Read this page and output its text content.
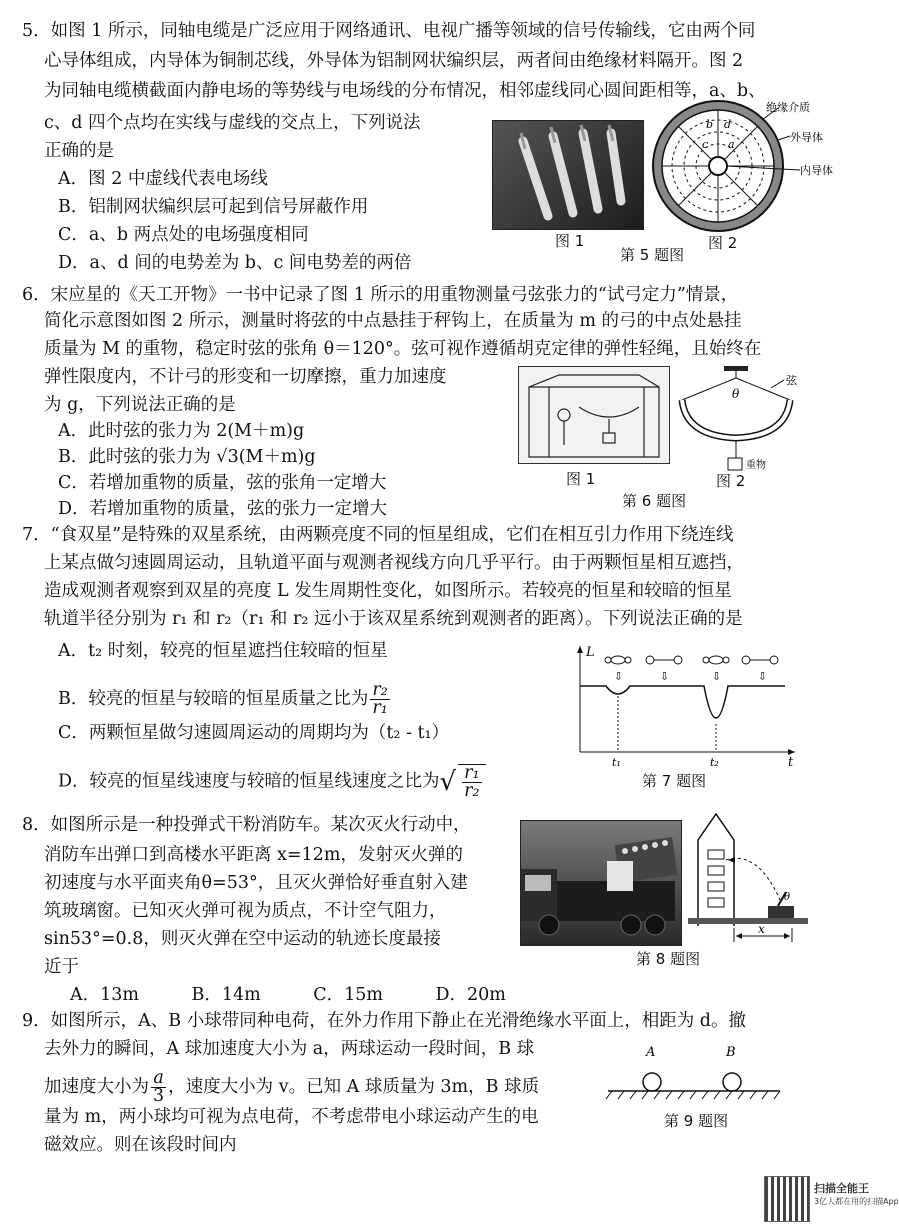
5．如图 1 所示，同轴电缆是广泛应用于网络通讯、电视广播等领域的信号传输线，它由两个同
心导体组成，内导体为铜制芯线，外导体为铝制网状编织层，两者间由绝缘材料隔开。图 2
为同轴电缆横截面内静电场的等势线与电场线的分布情况，相邻虚线同心圆间距相等，a、b、
c、d 四个点均在实线与虚线的交点上，下列说法
正确的是
A．图 2 中虚线代表电场线
B．铝制网状编织层可起到信号屏蔽作用
C．a、b 两点处的电场强度相同
D．a、d 间的电势差为 b、c 间电势差的两倍
图 1
b d
c a
绝缘介质
外导体
内导体
第 5 题图
图 2
6．宋应星的《天工开物》一书中记录了图 1 所示的用重物测量弓弦张力的“试弓定力”情景，
简化示意图如图 2 所示，测量时将弦的中点悬挂于秤钩上，在质量为 m 的弓的中点处悬挂
质量为 M 的重物，稳定时弦的张角 θ＝120°。弦可视作遵循胡克定律的弹性轻绳，且始终在
弹性限度内，不计弓的形变和一切摩擦，重力加速度
为 g，下列说法正确的是
A．此时弦的张力为 2(M＋m)g
B．此时弦的张力为 √3(M＋m)g
C．若增加重物的质量，弦的张角一定增大
D．若增加重物的质量，弦的张力一定增大
图 1
θ
重物
弦
图 2
第 6 题图
7．“食双星”是特殊的双星系统，由两颗亮度不同的恒星组成，它们在相互引力作用下绕连线
上某点做匀速圆周运动，且轨道平面与观测者视线方向几乎平行。由于两颗恒星相互遮挡，
造成观测者观察到双星的亮度 L 发生周期性变化，如图所示。若较亮的恒星和较暗的恒星
轨道半径分别为 r₁ 和 r₂（r₁ 和 r₂ 远小于该双星系统到观测者的距离）。下列说法正确的是
A．t₂ 时刻，较亮的恒星遮挡住较暗的恒星
B．较亮的恒星与较暗的恒星质量之比为 $\frac{\text{r₂}}{\text{r₁}}$
C．两颗恒星做匀速圆周运动的周期均为（t₂ - t₁）
D．较亮的恒星线速度与较暗的恒星线速度之比为√ $\frac{\text{r₁}}{\text{r₂}}$
L
t
t₁	t₂
⇩	⇩	⇩	⇩
第 7 题图
8．如图所示是一种投弹式干粉消防车。某次灭火行动中，
消防车出弹口到高楼水平距离 x=12m，发射灭火弹的
初速度与水平面夹角θ=53°，且灭火弹恰好垂直射入建
筑玻璃窗。已知灭火弹可视为质点，不计空气阻力，
sin53°=0.8，则灭火弹在空中运动的轨迹长度最接
近于
A．13m　　　B．14m　　　C．15m　　　D．20m
θ
x
第 8 题图
9．如图所示，A、B 小球带同种电荷，在外力作用下静止在光滑绝缘水平面上，相距为 d。撤
去外力的瞬间，A 球加速度大小为 a，两球运动一段时间，B 球
加速度大小为 $\frac{a}{3}$ ，速度大小为 v。已知 A 球质量为 3m，B 球质
量为 m，两小球均可视为点电荷，不考虑带电小球运动产生的电
磁效应。则在该段时间内
A	B
第 9 题图
扫描全能王
3亿人都在用的扫描App
